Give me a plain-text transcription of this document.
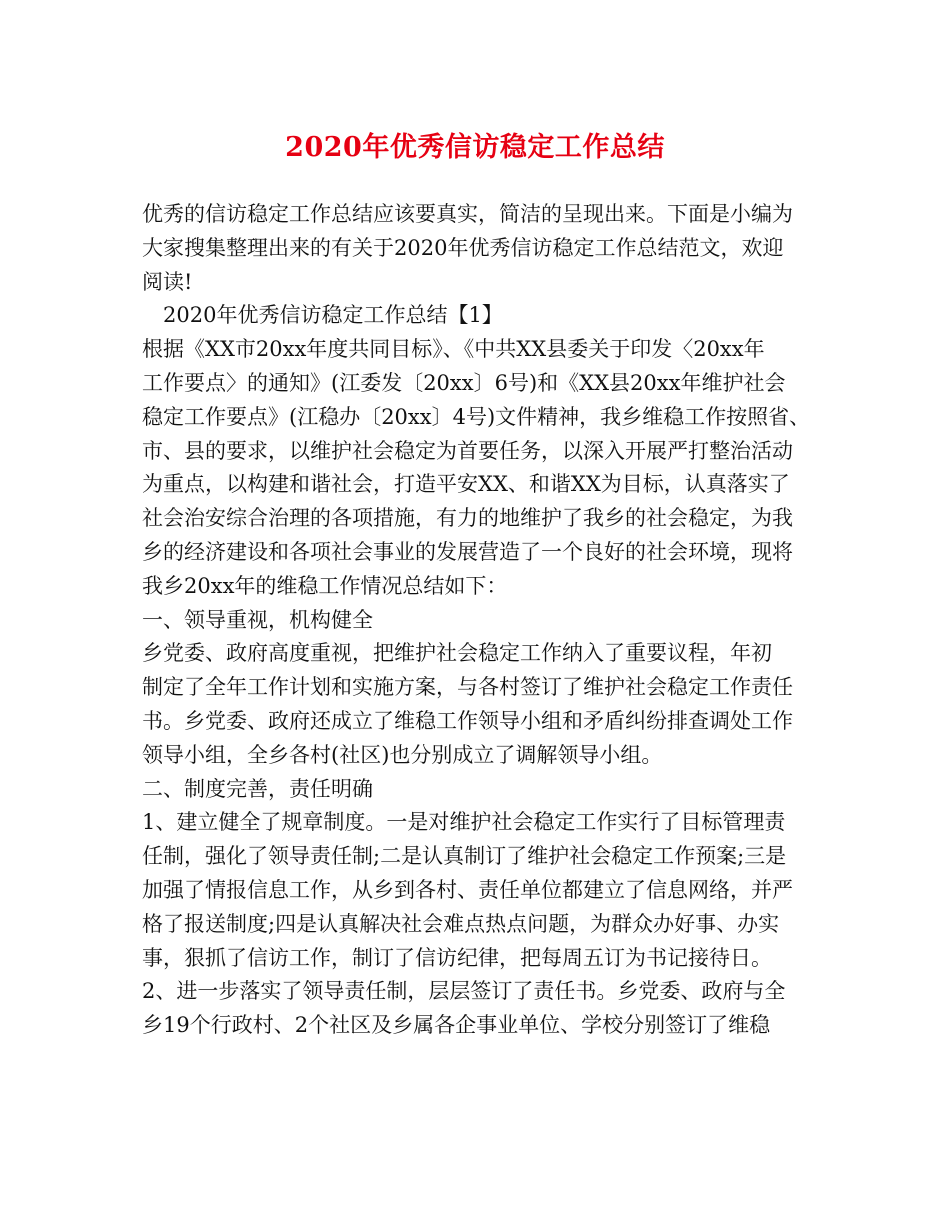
2020年优秀信访稳定工作总结
优秀的信访稳定工作总结应该要真实，简洁的呈现出来。下面是小编为
大家搜集整理出来的有关于2020年优秀信访稳定工作总结范文，欢迎
阅读!
　2020年优秀信访稳定工作总结【1】
根据《XX市20xx年度共同目标》、《中共XX县委关于印发〈20xx年
工作要点〉的通知》(江委发〔20xx〕6号)和《XX县20xx年维护社会
稳定工作要点》(江稳办〔20xx〕4号)文件精神，我乡维稳工作按照省、
市、县的要求，以维护社会稳定为首要任务，以深入开展严打整治活动
为重点，以构建和谐社会，打造平安XX、和谐XX为目标，认真落实了
社会治安综合治理的各项措施，有力的地维护了我乡的社会稳定，为我
乡的经济建设和各项社会事业的发展营造了一个良好的社会环境，现将
我乡20xx年的维稳工作情况总结如下：
一、领导重视，机构健全
乡党委、政府高度重视，把维护社会稳定工作纳入了重要议程，年初
制定了全年工作计划和实施方案，与各村签订了维护社会稳定工作责任
书。乡党委、政府还成立了维稳工作领导小组和矛盾纠纷排查调处工作
领导小组，全乡各村(社区)也分别成立了调解领导小组。
二、制度完善，责任明确
1、建立健全了规章制度。一是对维护社会稳定工作实行了目标管理责
任制，强化了领导责任制;二是认真制订了维护社会稳定工作预案;三是
加强了情报信息工作，从乡到各村、责任单位都建立了信息网络，并严
格了报送制度;四是认真解决社会难点热点问题，为群众办好事、办实
事，狠抓了信访工作，制订了信访纪律，把每周五订为书记接待日。
2、进一步落实了领导责任制，层层签订了责任书。乡党委、政府与全
乡19个行政村、2个社区及乡属各企事业单位、学校分别签订了维稳
